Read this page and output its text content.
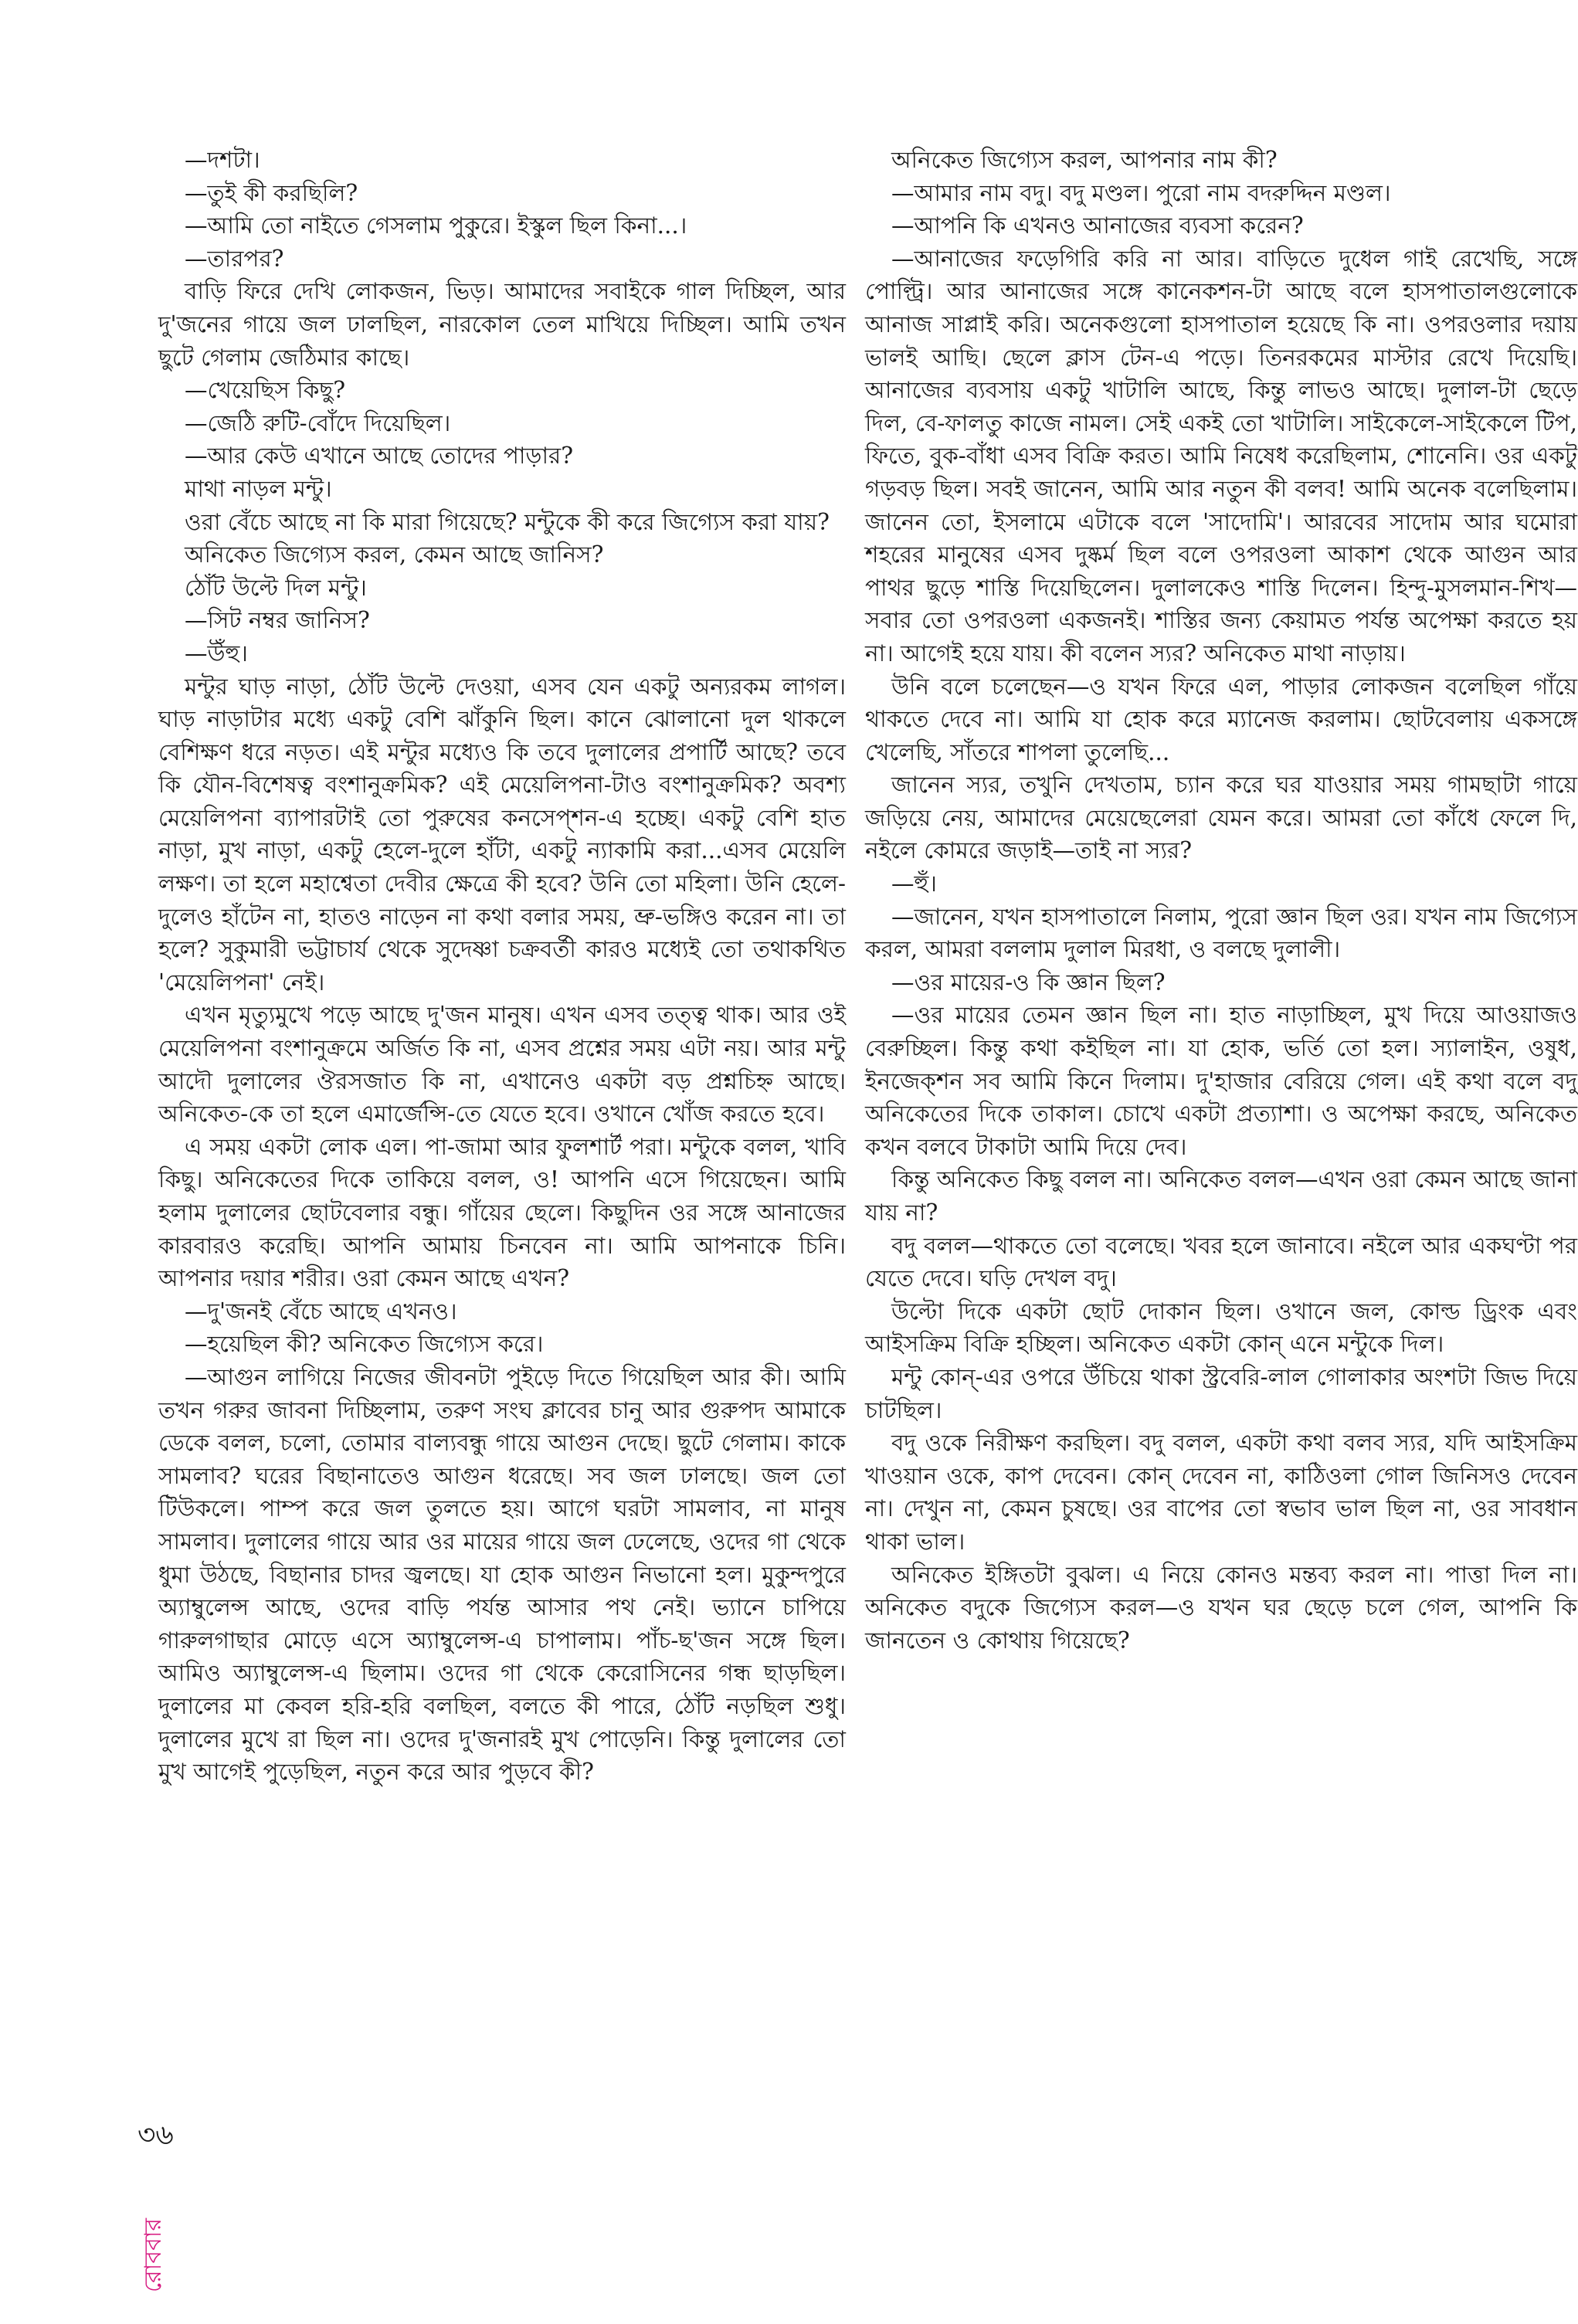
—দশটা।

—তুই কী করছিলি?

—আমি তো নাইতে গেসলাম পুকুরে। ইস্কুল ছিল কিনা...।

—তারপর?

বাড়ি ফিরে দেখি লোকজন, ভিড়। আমাদের সবাইকে গাল দিচ্ছিল, আর দু'জনের গায়ে জল ঢালছিল, নারকোল তেল মাখিয়ে দিচ্ছিল। আমি তখন ছুটে গেলাম জেঠিমার কাছে।

—খেয়েছিস কিছু?

—জেঠি রুটি-বোঁদে দিয়েছিল।

—আর কেউ এখানে আছে তোদের পাড়ার?

মাথা নাড়ল মন্টু।

ওরা বেঁচে আছে না কি মারা গিয়েছে? মন্টুকে কী করে জিগ্যেস করা যায়?

অনিকেত জিগ্যেস করল, কেমন আছে জানিস?

ঠোঁট উল্টে দিল মন্টু।

—সিট নম্বর জানিস?

—উঁহু।

মন্টুর ঘাড় নাড়া, ঠোঁট উল্টে দেওয়া, এসব যেন একটু অন্যরকম লাগল। ঘাড় নাড়াটার মধ্যে একটু বেশি ঝাঁকুনি ছিল। কানে ঝোলানো দুল থাকলে বেশিক্ষণ ধরে নড়ত। এই মন্টুর মধ্যেও কি তবে দুলালের প্রপার্টি আছে? তবে কি যৌন-বিশেষত্ব বংশানুক্রমিক? এই মেয়েলিপনা-টাও বংশানুক্রমিক? অবশ্য মেয়েলিপনা ব্যাপারটাই তো পুরুষের কনসেপ্শন-এ হচ্ছে। একটু বেশি হাত নাড়া, মুখ নাড়া, একটু হেলে-দুলে হাঁটা, একটু ন্যাকামি করা...এসব মেয়েলি লক্ষণ। তা হলে মহাশ্বেতা দেবীর ক্ষেত্রে কী হবে? উনি তো মহিলা। উনি হেলে-দুলেও হাঁটেন না, হাতও নাড়েন না কথা বলার সময়, ভ্রু-ভঙ্গিও করেন না। তা হলে? সুকুমারী ভট্টাচার্য থেকে সুদেষ্ণা চক্রবর্তী কারও মধ্যেই তো তথাকথিত 'মেয়েলিপনা' নেই।

এখন মৃত্যুমুখে পড়ে আছে দু'জন মানুষ। এখন এসব তত্ত্ব থাক। আর ওই মেয়েলিপনা বংশানুক্রমে অর্জিত কি না, এসব প্রশ্নের সময় এটা নয়। আর মন্টু আদৌ দুলালের ঔরসজাত কি না, এখানেও একটা বড় প্রশ্নচিহ্ন আছে। অনিকেত-কে তা হলে এমার্জেন্সি-তে যেতে হবে। ওখানে খোঁজ করতে হবে।

এ সময় একটা লোক এল। পা-জামা আর ফুলশার্ট পরা। মন্টুকে বলল, খাবি কিছু। অনিকেতের দিকে তাকিয়ে বলল, ও! আপনি এসে গিয়েছেন। আমি হলাম দুলালের ছোটবেলার বন্ধু। গাঁয়ের ছেলে। কিছুদিন ওর সঙ্গে আনাজের কারবারও করেছি। আপনি আমায় চিনবেন না। আমি আপনাকে চিনি। আপনার দয়ার শরীর। ওরা কেমন আছে এখন?

—দু'জনই বেঁচে আছে এখনও।

—হয়েছিল কী? অনিকেত জিগ্যেস করে।

—আগুন লাগিয়ে নিজের জীবনটা পুইড়ে দিতে গিয়েছিল আর কী। আমি তখন গরুর জাবনা দিচ্ছিলাম, তরুণ সংঘ ক্লাবের চানু আর গুরুপদ আমাকে ডেকে বলল, চলো, তোমার বাল্যবন্ধু গায়ে আগুন দেছে। ছুটে গেলাম। কাকে সামলাব? ঘরের বিছানাতেও আগুন ধরেছে। সব জল ঢালছে। জল তো টিউকলে। পাম্প করে জল তুলতে হয়। আগে ঘরটা সামলাব, না মানুষ সামলাব। দুলালের গায়ে আর ওর মায়ের গায়ে জল ঢেলেছে, ওদের গা থেকে ধুমা উঠছে, বিছানার চাদর জ্বলছে। যা হোক আগুন নিভানো হল। মুকুন্দপুরে অ্যাম্বুলেন্স আছে, ওদের বাড়ি পর্যন্ত আসার পথ নেই। ভ্যানে চাপিয়ে গারুলগাছার মোড়ে এসে অ্যাম্বুলেন্স-এ চাপালাম। পাঁচ-ছ'জন সঙ্গে ছিল। আমিও অ্যাম্বুলেন্স-এ ছিলাম। ওদের গা থেকে কেরোসিনের গন্ধ ছাড়ছিল। দুলালের মা কেবল হরি-হরি বলছিল, বলতে কী পারে, ঠোঁট নড়ছিল শুধু। দুলালের মুখে রা ছিল না। ওদের দু'জনারই মুখ পোড়েনি। কিন্তু দুলালের তো মুখ আগেই পুড়েছিল, নতুন করে আর পুড়বে কী?

অনিকেত জিগ্যেস করল, আপনার নাম কী?

—আমার নাম বদু। বদু মণ্ডল। পুরো নাম বদরুদ্দিন মণ্ডল।

—আপনি কি এখনও আনাজের ব্যবসা করেন?

—আনাজের ফড়েগিরি করি না আর। বাড়িতে দুধেল গাই রেখেছি, সঙ্গে পোল্ট্রি। আর আনাজের সঙ্গে কানেকশন-টা আছে বলে হাসপাতালগুলোকে আনাজ সাপ্লাই করি। অনেকগুলো হাসপাতাল হয়েছে কি না। ওপরওলার দয়ায় ভালই আছি। ছেলে ক্লাস টেন-এ পড়ে। তিনরকমের মাস্টার রেখে দিয়েছি। আনাজের ব্যবসায় একটু খাটালি আছে, কিন্তু লাভও আছে। দুলাল-টা ছেড়ে দিল, বে-ফালতু কাজে নামল। সেই একই তো খাটালি। সাইকেলে-সাইকেলে টিপ, ফিতে, বুক-বাঁধা এসব বিক্রি করত। আমি নিষেধ করেছিলাম, শোনেনি। ওর একটু গড়বড় ছিল। সবই জানেন, আমি আর নতুন কী বলব! আমি অনেক বলেছিলাম। জানেন তো, ইসলামে এটাকে বলে 'সাদোমি'। আরবের সাদোম আর ঘমোরা শহরের মানুষের এসব দুষ্কর্ম ছিল বলে ওপরওলা আকাশ থেকে আগুন আর পাথর ছুড়ে শাস্তি দিয়েছিলেন। দুলালকেও শাস্তি দিলেন। হিন্দু-মুসলমান-শিখ—সবার তো ওপরওলা একজনই। শাস্তির জন্য কেয়ামত পর্যন্ত অপেক্ষা করতে হয় না। আগেই হয়ে যায়। কী বলেন স্যর? অনিকেত মাথা নাড়ায়।

উনি বলে চলেছেন—ও যখন ফিরে এল, পাড়ার লোকজন বলেছিল গাঁয়ে থাকতে দেবে না। আমি যা হোক করে ম্যানেজ করলাম। ছোটবেলায় একসঙ্গে খেলেছি, সাঁতরে শাপলা তুলেছি...

জানেন স্যর, তখুনি দেখতাম, চ্যান করে ঘর যাওয়ার সময় গামছাটা গায়ে জড়িয়ে নেয়, আমাদের মেয়েছেলেরা যেমন করে। আমরা তো কাঁধে ফেলে দি, নইলে কোমরে জড়াই—তাই না স্যর?

—হুঁ।

—জানেন, যখন হাসপাতালে নিলাম, পুরো জ্ঞান ছিল ওর। যখন নাম জিগ্যেস করল, আমরা বললাম দুলাল মিরধা, ও বলছে দুলালী।

—ওর মায়ের-ও কি জ্ঞান ছিল?

—ওর মায়ের তেমন জ্ঞান ছিল না। হাত নাড়াচ্ছিল, মুখ দিয়ে আওয়াজও বেরুচ্ছিল। কিন্তু কথা কইছিল না। যা হোক, ভর্তি তো হল। স্যালাইন, ওষুধ, ইনজেক্শন সব আমি কিনে দিলাম। দু'হাজার বেরিয়ে গেল। এই কথা বলে বদু অনিকেতের দিকে তাকাল। চোখে একটা প্রত্যাশা। ও অপেক্ষা করছে, অনিকেত কখন বলবে টাকাটা আমি দিয়ে দেব।

কিন্তু অনিকেত কিছু বলল না। অনিকেত বলল—এখন ওরা কেমন আছে জানা যায় না?

বদু বলল—থাকতে তো বলেছে। খবর হলে জানাবে। নইলে আর একঘণ্টা পর যেতে দেবে। ঘড়ি দেখল বদু।

উল্টো দিকে একটা ছোট দোকান ছিল। ওখানে জল, কোল্ড ড্রিংক এবং আইসক্রিম বিক্রি হচ্ছিল। অনিকেত একটা কোন্ এনে মন্টুকে দিল।

মন্টু কোন্-এর ওপরে উঁচিয়ে থাকা স্ট্রবেরি-লাল গোলাকার অংশটা জিভ দিয়ে চাটছিল।

বদু ওকে নিরীক্ষণ করছিল। বদু বলল, একটা কথা বলব স্যর, যদি আইসক্রিম খাওয়ান ওকে, কাপ দেবেন। কোন্ দেবেন না, কাঠিওলা গোল জিনিসও দেবেন না। দেখুন না, কেমন চুষছে। ওর বাপের তো স্বভাব ভাল ছিল না, ওর সাবধান থাকা ভাল।

অনিকেত ইঙ্গিতটা বুঝল। এ নিয়ে কোনও মন্তব্য করল না। পাত্তা দিল না। অনিকেত বদুকে জিগ্যেস করল—ও যখন ঘর ছেড়ে চলে গেল, আপনি কি জানতেন ও কোথায় গিয়েছে?

৩৬
রোববার
